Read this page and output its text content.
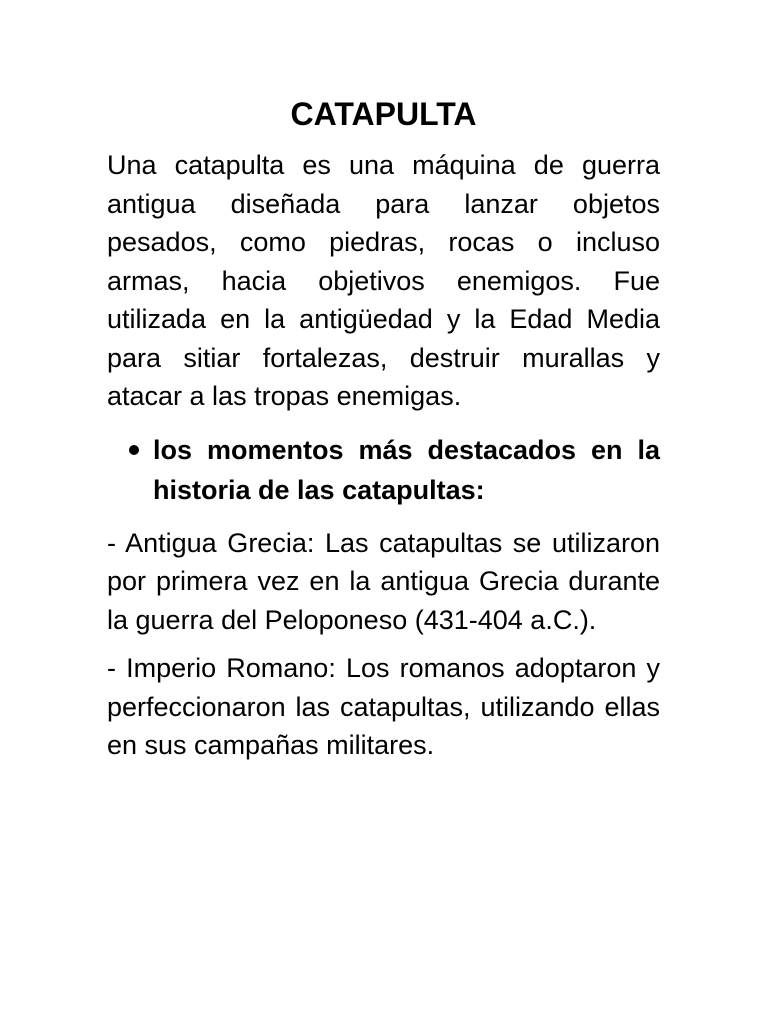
CATAPULTA

Una catapulta es una máquina de guerra antigua diseñada para lanzar objetos pesados, como piedras, rocas o incluso armas, hacia objetivos enemigos. Fue utilizada en la antigüedad y la Edad Media para sitiar fortalezas, destruir murallas y atacar a las tropas enemigas.

los momentos más destacados en la historia de las catapultas:

- Antigua Grecia: Las catapultas se utilizaron por primera vez en la antigua Grecia durante la guerra del Peloponeso (431-404 a.C.).

- Imperio Romano: Los romanos adoptaron y perfeccionaron las catapultas, utilizando ellas en sus campañas militares.
